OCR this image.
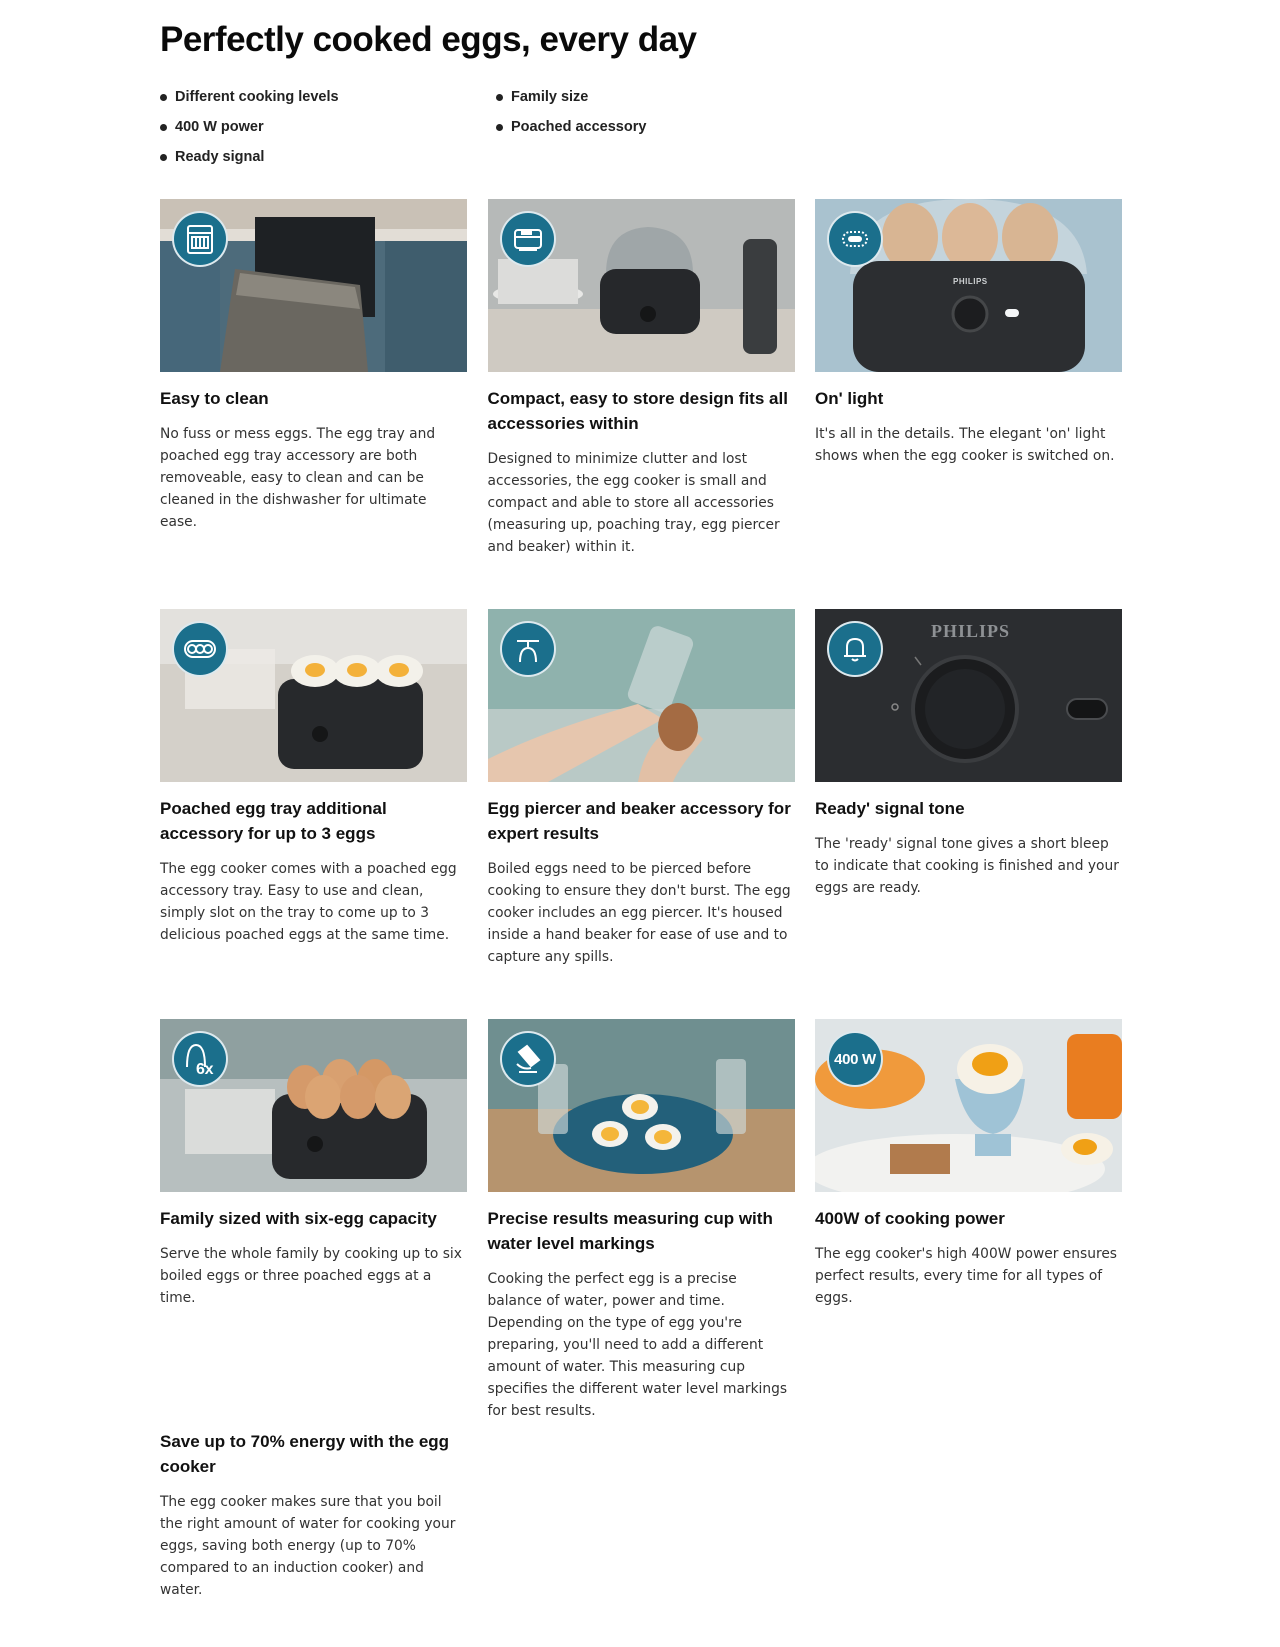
Perfectly cooked eggs, every day
Different cooking levels	Family size
400 W power	Poached accessory
Ready signal
Easy to clean

No fuss or mess eggs. The egg tray and poached egg tray accessory are both removeable, easy to clean and can be cleaned in the dishwasher for ultimate ease.

Compact, easy to store design fits all accessories within

Designed to minimize clutter and lost accessories, the egg cooker is small and compact and able to store all accessories (measuring up, poaching tray, egg piercer and beaker) within it.

PHILIPS
On' light

It's all in the details. The elegant 'on' light shows when the egg cooker is switched on.

Poached egg tray additional accessory for up to 3 eggs

The egg cooker comes with a poached egg accessory tray. Easy to use and clean, simply slot on the tray to come up to 3 delicious poached eggs at the same time.

Egg piercer and beaker accessory for expert results

Boiled eggs need to be pierced before cooking to ensure they don't burst. The egg cooker includes an egg piercer. It's housed inside a hand beaker for ease of use and to capture any spills.

PHILIPS
Ready' signal tone

The 'ready' signal tone gives a short bleep to indicate that cooking is finished and your eggs are ready.

6x
Family sized with six-egg capacity

Serve the whole family by cooking up to six boiled eggs or three poached eggs at a time.

Precise results measuring cup with water level markings

Cooking the perfect egg is a precise balance of water, power and time. Depending on the type of egg you're preparing, you'll need to add a different amount of water. This measuring cup specifies the different water level markings for best results.

400 W
400W of cooking power

The egg cooker's high 400W power ensures perfect results, every time for all types of eggs.

Save up to 70% energy with the egg cooker

The egg cooker makes sure that you boil the right amount of water for cooking your eggs, saving both energy (up to 70% compared to an induction cooker) and water.
